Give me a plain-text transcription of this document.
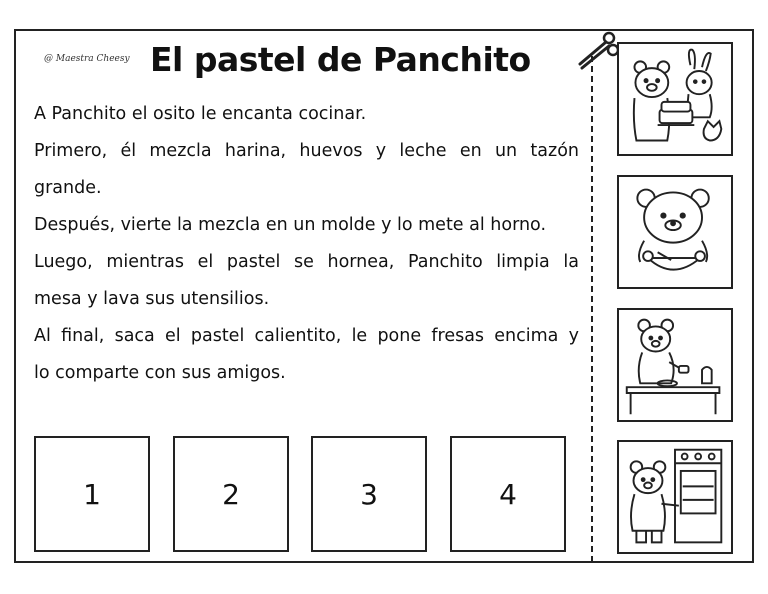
@ Maestra Cheesy El pastel de Panchito
A Panchito el osito le encanta cocinar.
Primero, él mezcla harina, huevos y leche en un tazón
grande.
Después, vierte la mezcla en un molde y lo mete al horno.
Luego, mientras el pastel se hornea, Panchito limpia la
mesa y lava sus utensilios.
Al final, saca el pastel calientito, le pone fresas encima y
lo comparte con sus amigos.
1	2	3	4
